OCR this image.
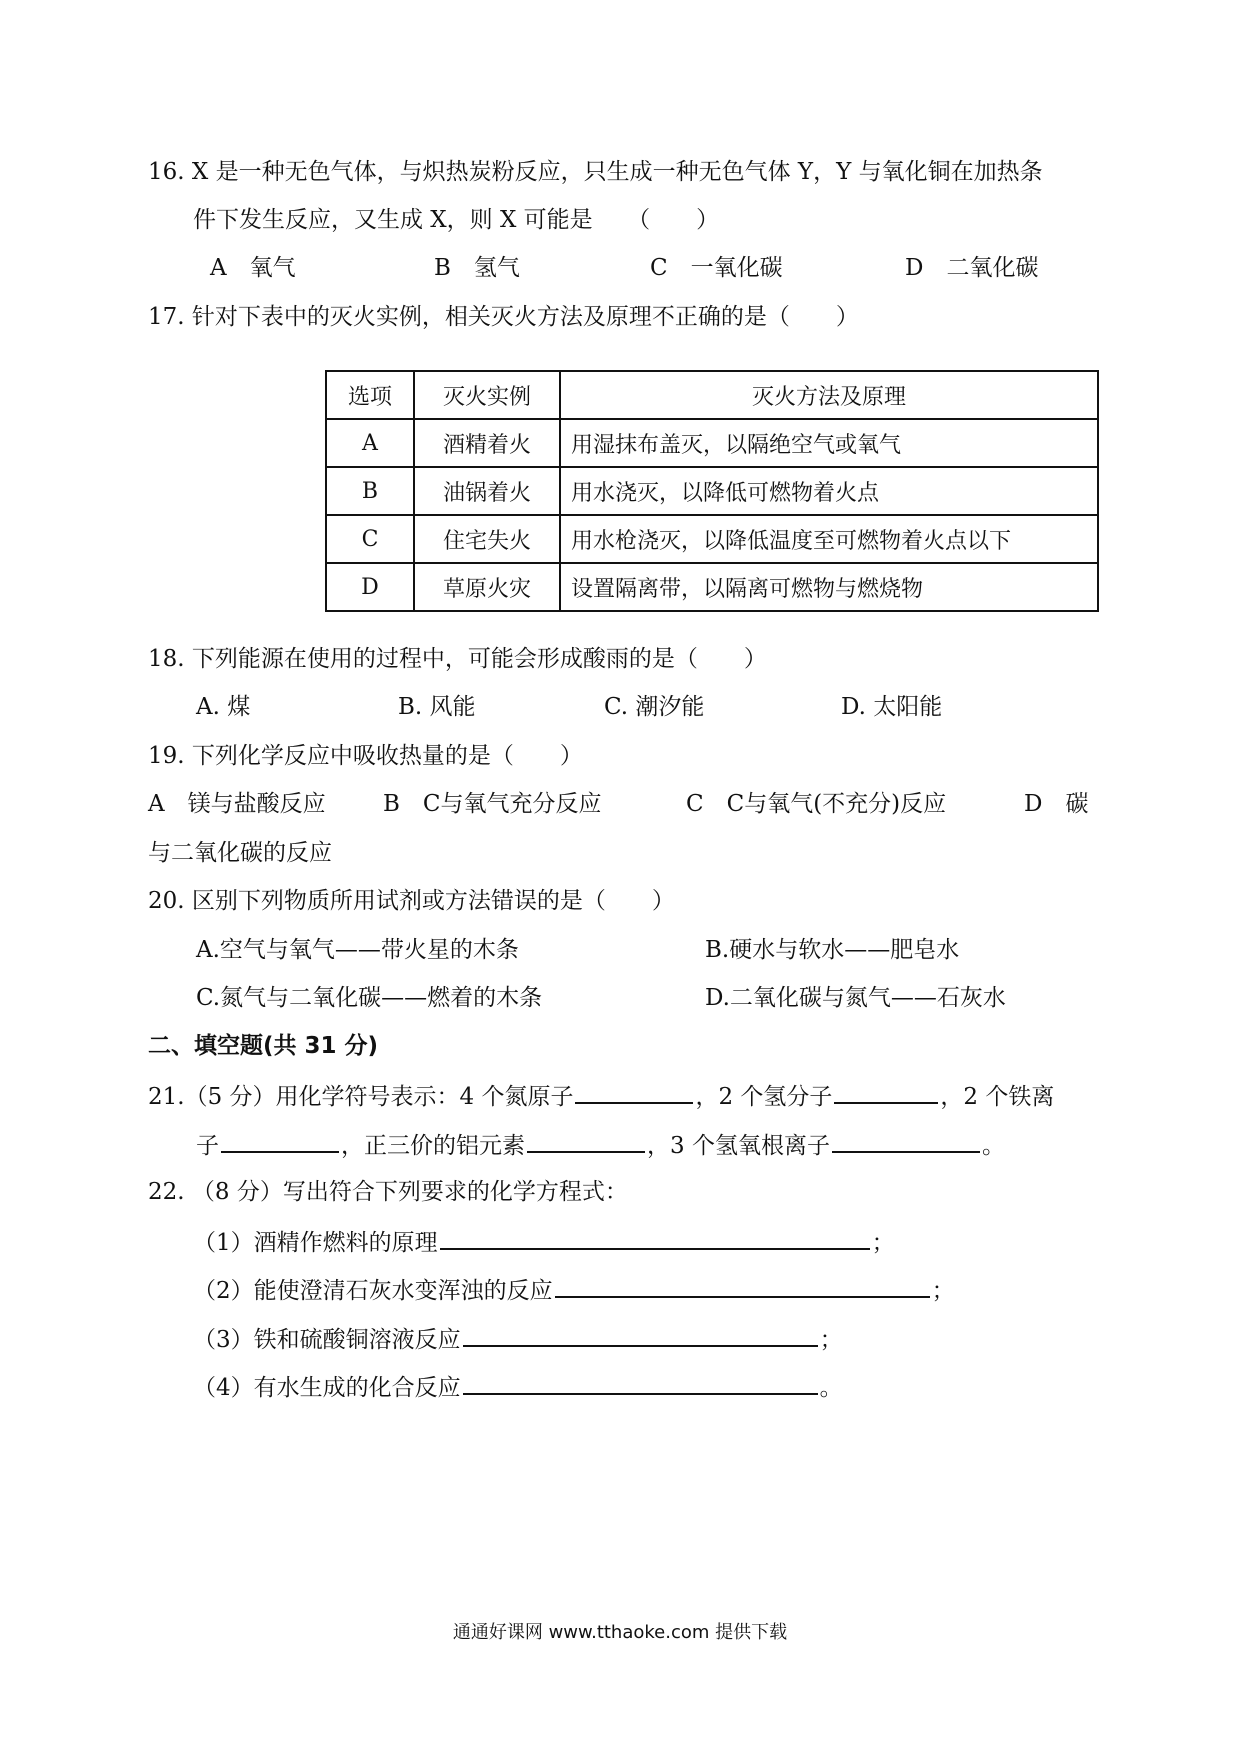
16. X 是一种无色气体，与炽热炭粉反应，只生成一种无色气体 Y，Y 与氧化铜在加热条
件下发生反应，又生成 X，则 X 可能是　　（　　）
A　氧气	B　氢气	C　一氧化碳	D　二氧化碳
17. 针对下表中的灭火实例，相关灭火方法及原理不正确的是（　　）
选项	灭火实例	灭火方法及原理
A	酒精着火	用湿抹布盖灭，以隔绝空气或氧气
B	油锅着火	用水浇灭，以降低可燃物着火点
C	住宅失火	用水枪浇灭，以降低温度至可燃物着火点以下
D	草原火灾	设置隔离带，以隔离可燃物与燃烧物
18. 下列能源在使用的过程中，可能会形成酸雨的是（　　）
A. 煤	B. 风能	C. 潮汐能	D. 太阳能
19. 下列化学反应中吸收热量的是（　　）
A　镁与盐酸反应 B　C与氧气充分反应	C　C与氧气(不充分)反应	D　碳
与二氧化碳的反应
20. 区别下列物质所用试剂或方法错误的是（　　）
A.空气与氧气——带火星的木条	B.硬水与软水——肥皂水
C.氮气与二氧化碳——燃着的木条	D.二氧化碳与氮气——石灰水
二、填空题(共 31 分)
21.（5 分）用化学符号表示：4 个氮原子	，2 个氢分子	，2 个铁离
子	，正三价的铝元素	，3 个氢氧根离子	。
22. （8 分）写出符合下列要求的化学方程式：
（1）酒精作燃料的原理	；
（2）能使澄清石灰水变浑浊的反应	；
（3）铁和硫酸铜溶液反应	；
（4）有水生成的化合反应	。
通通好课网 www.tthaoke.com 提供下载
